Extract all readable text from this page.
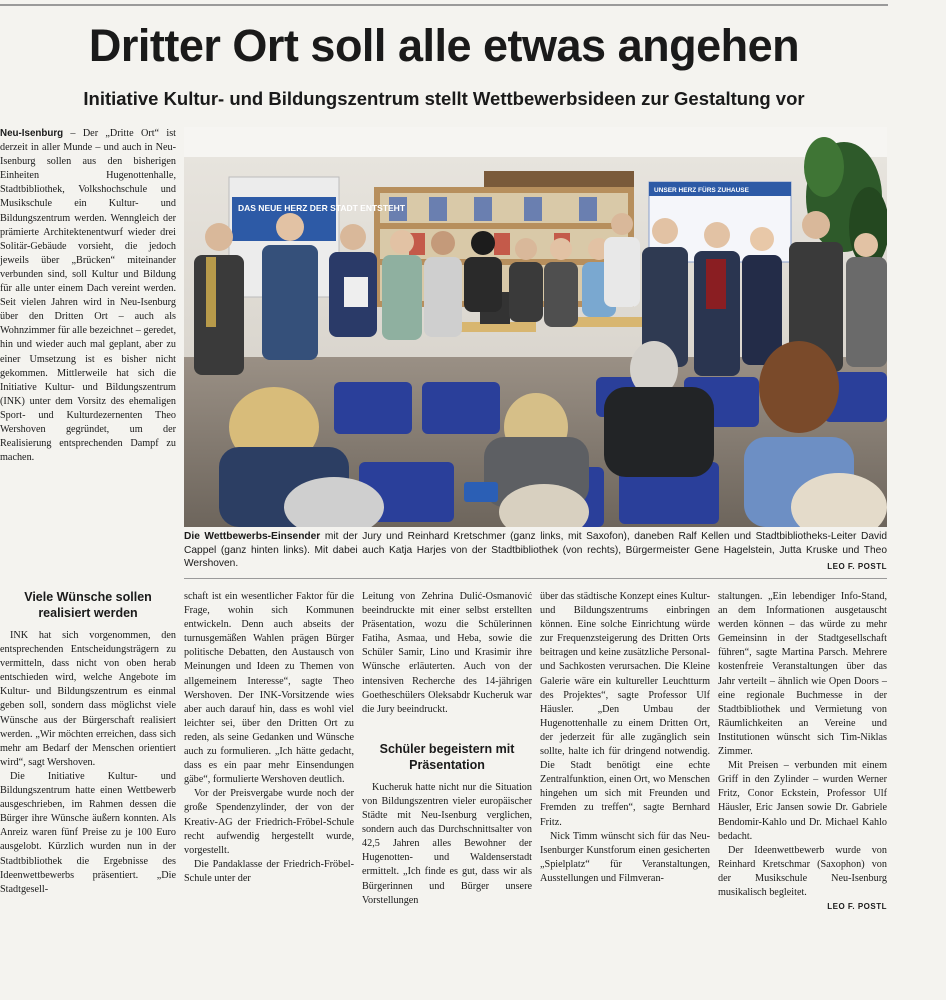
Dritter Ort soll alle etwas angehen
Initiative Kultur- und Bildungszentrum stellt Wettbewerbsideen zur Gestaltung vor

Neu-Isenburg – Der „Dritte Ort“ ist derzeit in aller Munde – und auch in Neu-Isenburg sollen aus den bisherigen Einheiten Hugenottenhalle, Stadtbibliothek, Volkshochschule und Musikschule ein Kultur- und Bildungszentrum werden. Wenngleich der prämierte Architektenentwurf wieder drei Solitär-Gebäude vorsieht, die jedoch jeweils über „Brücken“ miteinander verbunden sind, soll Kultur und Bildung für alle unter einem Dach vereint werden. Seit vielen Jahren wird in Neu-Isenburg über den Dritten Ort – auch als Wohnzimmer für alle bezeichnet – geredet, hin und wieder auch mal geplant, aber zu einer Umsetzung ist es bisher nicht gekommen. Mittlerweile hat sich die Initiative Kultur- und Bildungszentrum (INK) unter dem Vorsitz des ehemaligen Sport- und Kulturdezernenten Theo Wershoven gegründet, um der Realisierung entsprechenden Dampf zu machen.

DAS NEUE HERZ DER STADT ENTSTEHT
UNSER HERZ FÜRS ZUHAUSE
Die Wettbewerbs-Einsender mit der Jury und Reinhard Kretschmer (ganz links, mit Saxofon), daneben Ralf Kellen und Stadtbibliotheks-Leiter David Cappel (ganz hinten links). Mit dabei auch Katja Harjes von der Stadtbibliothek (von rechts), Bürgermeister Gene Hagelstein, Jutta Kruske und Theo Wershoven.	LEO F. POSTL
Viele Wünsche sollen realisiert werden

INK hat sich vorgenommen, den entsprechenden Entscheidungsträgern zu vermitteln, dass nicht von oben herab entschieden wird, welche Angebote im Kultur- und Bildungszentrum es einmal geben soll, sondern dass möglichst viele Wünsche aus der Bürgerschaft realisiert werden. „Wir möchten erreichen, dass sich mehr am Bedarf der Menschen orientiert wird“, sagt Wershoven.

Die Initiative Kultur- und Bildungszentrum hatte einen Wettbewerb ausgeschrieben, im Rahmen dessen die Bürger ihre Wünsche äußern konnten. Als Anreiz waren fünf Preise zu je 100 Euro ausgelobt. Kürzlich wurden nun in der Stadtbibliothek die Ergebnisse des Ideenwettbewerbs präsentiert. „Die Stadtgesell-

schaft ist ein wesentlicher Faktor für die Frage, wohin sich Kommunen entwickeln. Denn auch abseits der turnusgemäßen Wahlen prägen Bürger politische Debatten, den Austausch von Meinungen und Ideen zu Themen von allgemeinem Interesse“, sagte Theo Wershoven. Der INK-Vorsitzende wies aber auch darauf hin, dass es wohl viel leichter sei, über den Dritten Ort zu reden, als seine Gedanken und Wünsche auch zu formulieren. „Ich hätte gedacht, dass es ein paar mehr Einsendungen gäbe“, formulierte Wershoven deutlich.

Vor der Preisvergabe wurde noch der große Spendenzylinder, der von der Kreativ-AG der Friedrich-Fröbel-Schule recht aufwendig hergestellt wurde, vorgestellt.

Die Pandaklasse der Friedrich-Fröbel-Schule unter der

Leitung von Zehrina Dulić-Osmanović beeindruckte mit einer selbst erstellten Präsentation, wozu die Schülerinnen Fatiha, Asmaa, und Heba, sowie die Schüler Samir, Lino und Krasimir ihre Wünsche erläuterten. Auch von der intensiven Recherche des 14-jährigen Goetheschülers Oleksabdr Kucheruk war die Jury beeindruckt.

Schüler begeistern mit Präsentation

Kucheruk hatte nicht nur die Situation von Bildungszentren vieler europäischer Städte mit Neu-Isenburg verglichen, sondern auch das Durchschnittsalter von 42,5 Jahren alles Bewohner der Hugenotten- und Waldenserstadt ermittelt. „Ich finde es gut, dass wir als Bürgerinnen und Bürger unsere Vorstellungen

über das städtische Konzept eines Kultur- und Bildungszentrums einbringen können. Eine solche Einrichtung würde zur Frequenzsteigerung des Dritten Orts beitragen und keine zusätzliche Personal- und Sachkosten verursachen. Die Kleine Galerie wäre ein kultureller Leuchtturm des Projektes“, sagte Professor Ulf Häusler. „Den Umbau der Hugenottenhalle zu einem Dritten Ort, der jederzeit für alle zugänglich sein sollte, halte ich für dringend notwendig. Die Stadt benötigt eine echte Zentralfunktion, einen Ort, wo Menschen hingehen um sich mit Freunden und Fremden zu treffen“, sagte Bernhard Fritz.

Nick Timm wünscht sich für das Neu-Isenburger Kunstforum einen gesicherten „Spielplatz“ für Veranstaltungen, Ausstellungen und Filmveran-

staltungen. „Ein lebendiger Info-Stand, an dem Informationen ausgetauscht werden können – das würde zu mehr Gemeinsinn in der Stadtgesellschaft führen“, sagte Martina Parsch. Mehrere kostenfreie Veranstaltungen über das Jahr verteilt – ähnlich wie Open Doors – eine regionale Buchmesse in der Stadtbibliothek und Vermietung von Räumlichkeiten an Vereine und Institutionen wünscht sich Tim-Niklas Zimmer.

Mit Preisen – verbunden mit einem Griff in den Zylinder – wurden Werner Fritz, Conor Eckstein, Professor Ulf Häusler, Eric Jansen sowie Dr. Gabriele Bendomir-Kahlo und Dr. Michael Kahlo bedacht.

Der Ideenwettbewerb wurde von Reinhard Kretschmar (Saxophon) von der Musikschule Neu-Isenburg musikalisch begleitet.

LEO F. POSTL
